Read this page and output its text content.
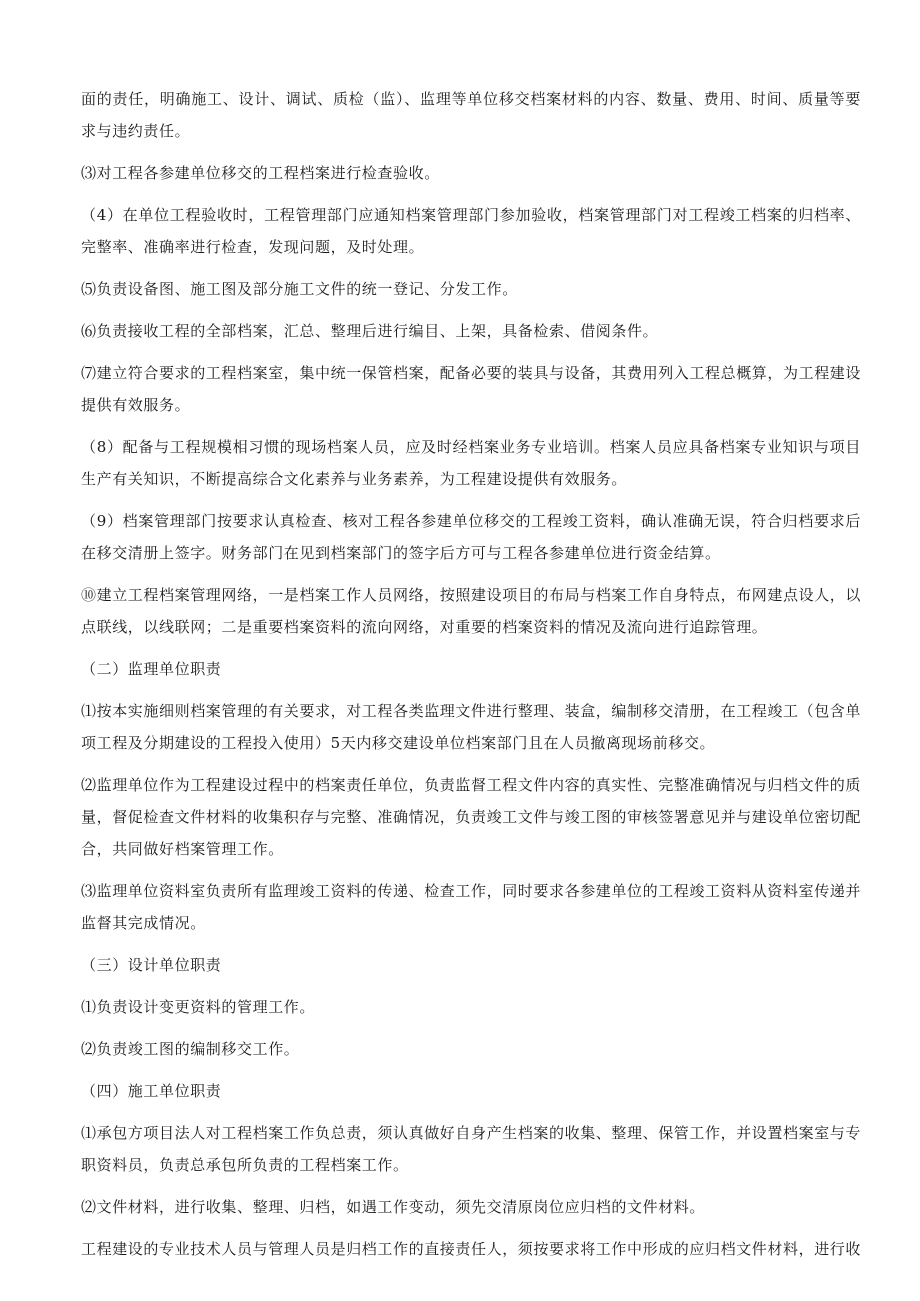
面的责任，明确施工、设计、调试、质检（监）、监理等单位移交档案材料的内容、数量、费用、时间、质量等要求与违约责任。

⑶对工程各参建单位移交的工程档案进行检查验收。

（4）在单位工程验收时，工程管理部门应通知档案管理部门参加验收，档案管理部门对工程竣工档案的归档率、完整率、准确率进行检查，发现问题，及时处理。

⑸负责设备图、施工图及部分施工文件的统一登记、分发工作。

⑹负责接收工程的全部档案，汇总、整理后进行编目、上架，具备检索、借阅条件。

⑺建立符合要求的工程档案室，集中统一保管档案，配备必要的装具与设备，其费用列入工程总概算，为工程建设提供有效服务。

（8）配备与工程规模相习惯的现场档案人员，应及时经档案业务专业培训。档案人员应具备档案专业知识与项目生产有关知识，不断提高综合文化素养与业务素养，为工程建设提供有效服务。

（9）档案管理部门按要求认真检查、核对工程各参建单位移交的工程竣工资料，确认准确无误，符合归档要求后在移交清册上签字。财务部门在见到档案部门的签字后方可与工程各参建单位进行资金结算。

⑩建立工程档案管理网络，一是档案工作人员网络，按照建设项目的布局与档案工作自身特点，布网建点设人，以点联线，以线联网；二是重要档案资料的流向网络，对重要的档案资料的情况及流向进行追踪管理。

（二）监理单位职责

⑴按本实施细则档案管理的有关要求，对工程各类监理文件进行整理、装盒，编制移交清册，在工程竣工（包含单项工程及分期建设的工程投入使用）5天内移交建设单位档案部门且在人员撤离现场前移交。

⑵监理单位作为工程建设过程中的档案责任单位，负责监督工程文件内容的真实性、完整准确情况与归档文件的质量，督促检查文件材料的收集积存与完整、准确情况，负责竣工文件与竣工图的审核签署意见并与建设单位密切配合，共同做好档案管理工作。

⑶监理单位资料室负责所有监理竣工资料的传递、检查工作，同时要求各参建单位的工程竣工资料从资料室传递并监督其完成情况。

（三）设计单位职责

⑴负责设计变更资料的管理工作。

⑵负责竣工图的编制移交工作。

（四）施工单位职责

⑴承包方项目法人对工程档案工作负总责，须认真做好自身产生档案的收集、整理、保管工作，并设置档案室与专职资料员，负责总承包所负责的工程档案工作。

⑵文件材料，进行收集、整理、归档，如遇工作变动，须先交清原岗位应归档的文件材料。

工程建设的专业技术人员与管理人员是归档工作的直接责任人，须按要求将工作中形成的应归档文件材料，进行收
